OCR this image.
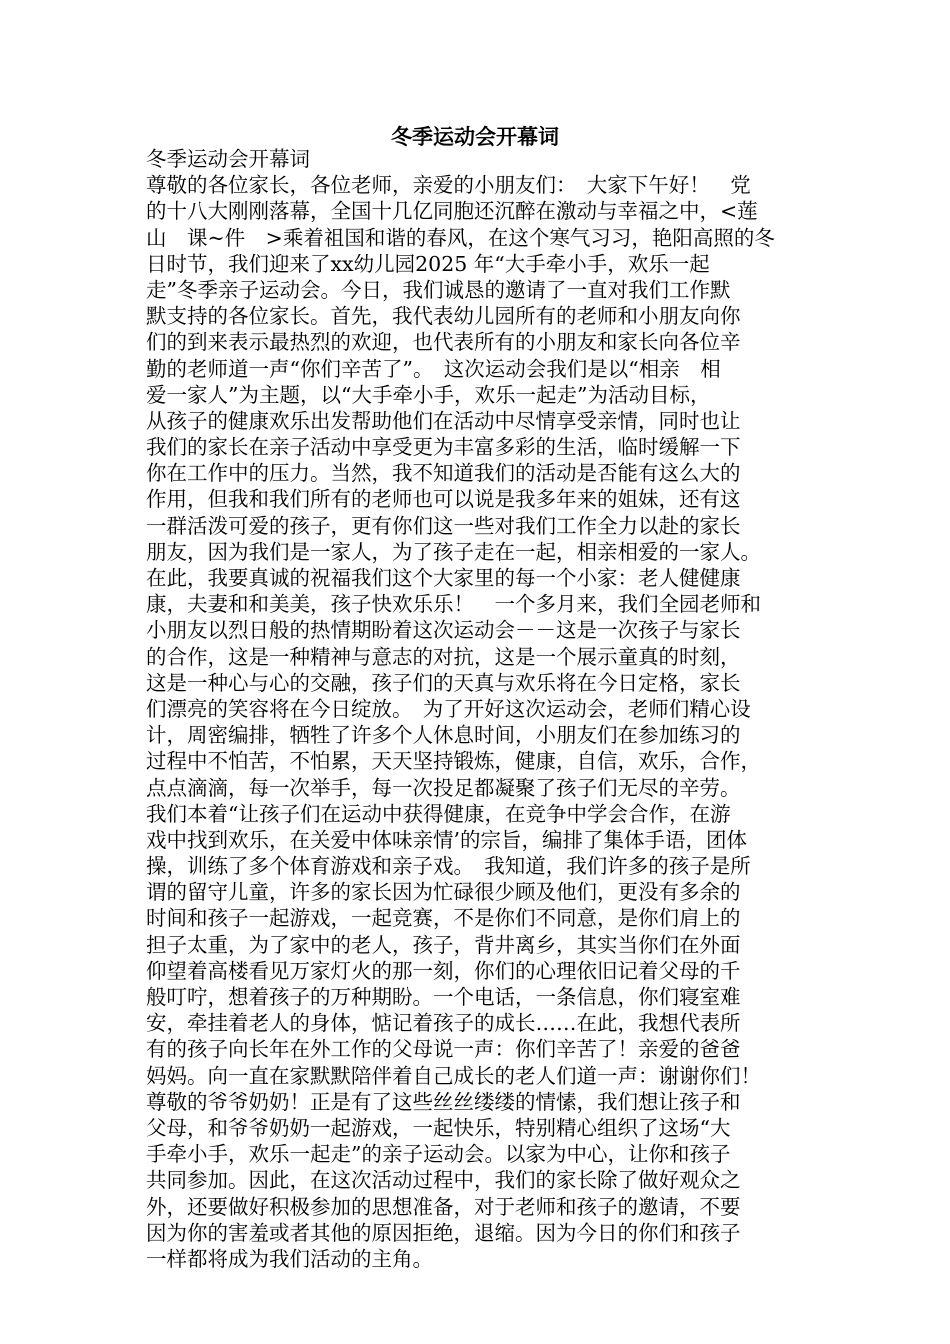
冬季运动会开幕词
冬季运动会开幕词
尊敬的各位家长，各位老师，亲爱的小朋友们：　大家下午好！　党
的十八大刚刚落幕，全国十几亿同胞还沉醉在激动与幸福之中，<莲
山　课~件　>乘着祖国和谐的春风，在这个寒气习习，艳阳高照的冬
日时节，我们迎来了xx幼儿园2025 年“大手牵小手，欢乐一起
走”冬季亲子运动会。今日，我们诚恳的邀请了一直对我们工作默
默支持的各位家长。首先，我代表幼儿园所有的老师和小朋友向你
们的到来表示最热烈的欢迎，也代表所有的小朋友和家长向各位辛
勤的老师道一声“你们辛苦了”。　这次运动会我们是以“相亲　相
爱一家人”为主题，以“大手牵小手，欢乐一起走”为活动目标，
从孩子的健康欢乐出发帮助他们在活动中尽情享受亲情，同时也让
我们的家长在亲子活动中享受更为丰富多彩的生活，临时缓解一下
你在工作中的压力。当然，我不知道我们的活动是否能有这么大的
作用，但我和我们所有的老师也可以说是我多年来的姐妹，还有这
一群活泼可爱的孩子，更有你们这一些对我们工作全力以赴的家长
朋友，因为我们是一家人，为了孩子走在一起，相亲相爱的一家人。
在此，我要真诚的祝福我们这个大家里的每一个小家：老人健健康
康，夫妻和和美美，孩子快欢乐乐！　一个多月来，我们全园老师和
小朋友以烈日般的热情期盼着这次运动会－－这是一次孩子与家长
的合作，这是一种精神与意志的对抗，这是一个展示童真的时刻，
这是一种心与心的交融，孩子们的天真与欢乐将在今日定格，家长
们漂亮的笑容将在今日绽放。　为了开好这次运动会，老师们精心设
计，周密编排，牺牲了许多个人休息时间，小朋友们在参加练习的
过程中不怕苦，不怕累，天天坚持锻炼，健康，自信，欢乐，合作，
点点滴滴，每一次举手，每一次投足都凝聚了孩子们无尽的辛劳。
我们本着“让孩子们在运动中获得健康，在竞争中学会合作，在游
戏中找到欢乐，在关爱中体味亲情’的宗旨，编排了集体手语，团体
操，训练了多个体育游戏和亲子戏。　我知道，我们许多的孩子是所
谓的留守儿童，许多的家长因为忙碌很少顾及他们，更没有多余的
时间和孩子一起游戏，一起竞赛，不是你们不同意，是你们肩上的
担子太重，为了家中的老人，孩子，背井离乡，其实当你们在外面
仰望着高楼看见万家灯火的那一刻，你们的心理依旧记着父母的千
般叮咛，想着孩子的万种期盼。一个电话，一条信息，你们寝室难
安，牵挂着老人的身体，惦记着孩子的成长……在此，我想代表所
有的孩子向长年在外工作的父母说一声：你们辛苦了！亲爱的爸爸
妈妈。向一直在家默默陪伴着自己成长的老人们道一声：谢谢你们！
尊敬的爷爷奶奶！正是有了这些丝丝缕缕的情愫，我们想让孩子和
父母，和爷爷奶奶一起游戏，一起快乐，特别精心组织了这场“大
手牵小手，欢乐一起走”的亲子运动会。以家为中心，让你和孩子
共同参加。因此，在这次活动过程中，我们的家长除了做好观众之
外，还要做好积极参加的思想准备，对于老师和孩子的邀请，不要
因为你的害羞或者其他的原因拒绝，退缩。因为今日的你们和孩子
一样都将成为我们活动的主角。
